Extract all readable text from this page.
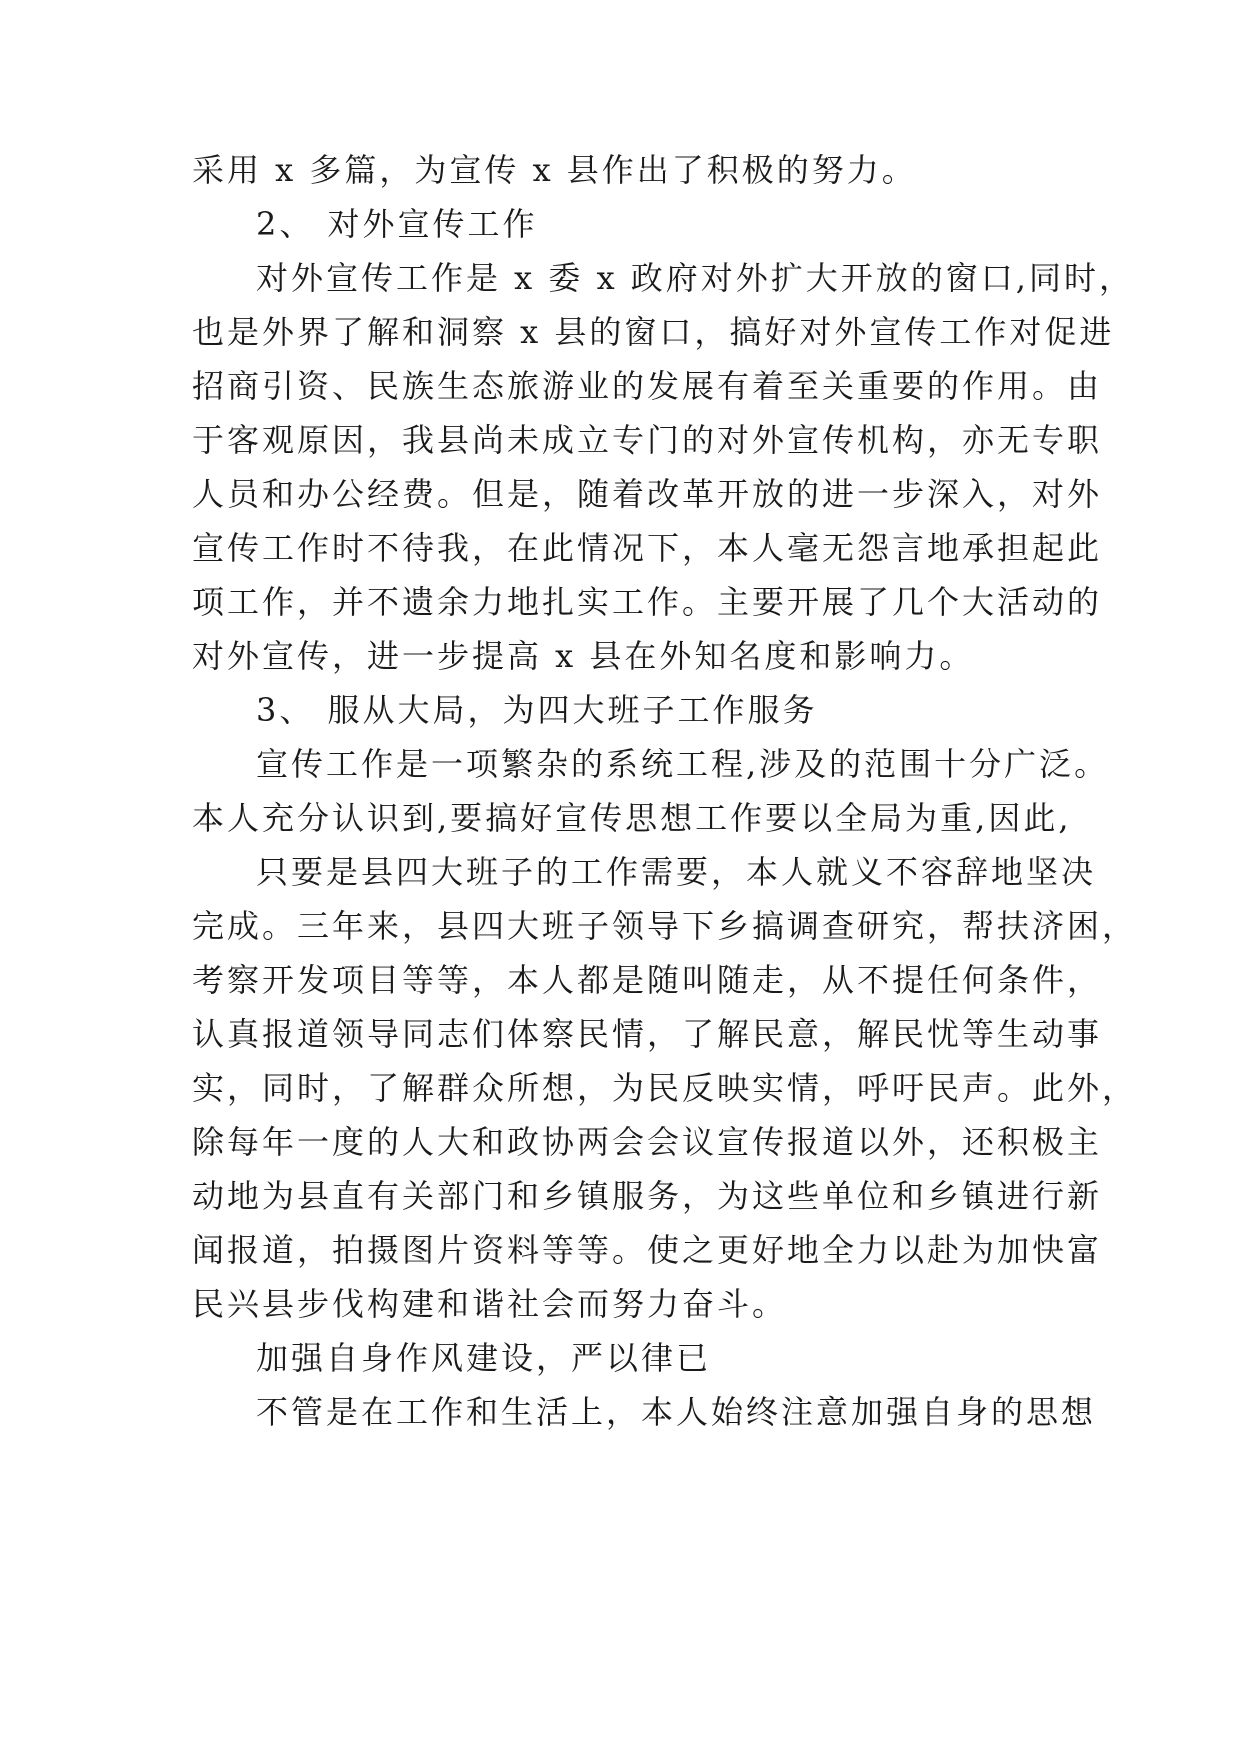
采用 x 多篇，为宣传 x 县作出了积极的努力。
2、 对外宣传工作
对外宣传工作是 x 委 x 政府对外扩大开放的窗口,同时，
也是外界了解和洞察 x 县的窗口，搞好对外宣传工作对促进
招商引资、民族生态旅游业的发展有着至关重要的作用。由
于客观原因，我县尚未成立专门的对外宣传机构，亦无专职
人员和办公经费。但是，随着改革开放的进一步深入，对外
宣传工作时不待我，在此情况下，本人毫无怨言地承担起此
项工作，并不遗余力地扎实工作。主要开展了几个大活动的
对外宣传，进一步提高 x 县在外知名度和影响力。
3、 服从大局，为四大班子工作服务
宣传工作是一项繁杂的系统工程,涉及的范围十分广泛。
本人充分认识到,要搞好宣传思想工作要以全局为重,因此,
只要是县四大班子的工作需要，本人就义不容辞地坚决
完成。三年来，县四大班子领导下乡搞调查研究，帮扶济困，
考察开发项目等等，本人都是随叫随走，从不提任何条件，
认真报道领导同志们体察民情，了解民意，解民忧等生动事
实，同时，了解群众所想，为民反映实情，呼吁民声。此外，
除每年一度的人大和政协两会会议宣传报道以外，还积极主
动地为县直有关部门和乡镇服务，为这些单位和乡镇进行新
闻报道，拍摄图片资料等等。使之更好地全力以赴为加快富
民兴县步伐构建和谐社会而努力奋斗。
加强自身作风建设，严以律已
不管是在工作和生活上，本人始终注意加强自身的思想
